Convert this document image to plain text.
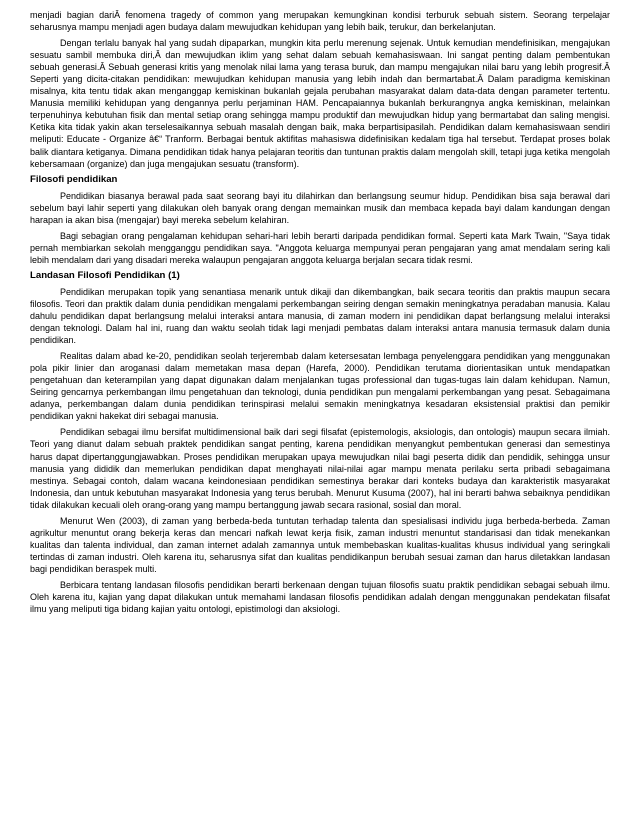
menjadi bagian dariÂ fenomena tragedy of common yang merupakan kemungkinan kondisi terburuk sebuah sistem. Seorang terpelajar seharusnya mampu menjadi agen budaya dalam mewujudkan kehidupan yang lebih baik, terukur, dan berkelanjutan.

Dengan terlalu banyak hal yang sudah dipaparkan, mungkin kita perlu merenung sejenak. Untuk kemudian mendefinisikan, mengajukan sesuatu sambil membuka diri,Â dan mewujudkan iklim yang sehat dalam sebuah kemahasiswaan. Ini sangat penting dalam pembentukan sebuah generasi.Â Sebuah generasi kritis yang menolak nilai lama yang terasa buruk, dan mampu mengajukan nilai baru yang lebih progresif.Â Seperti yang dicita-citakan pendidikan: mewujudkan kehidupan manusia yang lebih indah dan bermartabat.Â Dalam paradigma kemiskinan misalnya, kita tentu tidak akan menganggap kemiskinan bukanlah gejala perubahan masyarakat dalam data-data dengan parameter tertentu. Manusia memiliki kehidupan yang dengannya perlu perjaminan HAM. Pencapaiannya bukanlah berkurangnya angka kemiskinan, melainkan terpenuhinya kebutuhan fisik dan mental setiap orang sehingga mampu produktif dan mewujudkan hidup yang bermartabat dan saling mengisi. Ketika kita tidak yakin akan terselesaikannya sebuah masalah dengan baik, maka berpartisipasilah. Pendidikan dalam kemahasiswaan sendiri meliputi: Educate - Organize â€“ Tranform. Berbagai bentuk aktifitas mahasiswa didefinisikan kedalam tiga hal tersebut. Terdapat proses bolak balik diantara ketiganya. Dimana pendidikan tidak hanya pelajaran teoritis dan tuntunan praktis dalam mengolah skill, tetapi juga ketika mengolah kebersamaan (organize) dan juga mengajukan sesuatu (transform).

Filosofi pendidikan

Pendidikan biasanya berawal pada saat seorang bayi itu dilahirkan dan berlangsung seumur hidup. Pendidikan bisa saja berawal dari sebelum bayi lahir seperti yang dilakukan oleh banyak orang dengan memainkan musik dan membaca kepada bayi dalam kandungan dengan harapan ia akan bisa (mengajar) bayi mereka sebelum kelahiran.

Bagi sebagian orang pengalaman kehidupan sehari-hari lebih berarti daripada pendidikan formal. Seperti kata Mark Twain, "Saya tidak pernah membiarkan sekolah mengganggu pendidikan saya. "Anggota keluarga mempunyai peran pengajaran yang amat mendalam sering kali lebih mendalam dari yang disadari mereka walaupun pengajaran anggota keluarga berjalan secara tidak resmi.

Landasan Filosofi Pendidikan (1)

Pendidikan merupakan topik yang senantiasa menarik untuk dikaji dan dikembangkan, baik secara teoritis dan praktis maupun secara filosofis. Teori dan praktik dalam dunia pendidikan mengalami perkembangan seiring dengan semakin meningkatnya peradaban manusia. Kalau dahulu pendidikan dapat berlangsung melalui interaksi antara manusia, di zaman modern ini pendidikan dapat berlangsung melalui interaksi dengan teknologi. Dalam hal ini, ruang dan waktu seolah tidak lagi menjadi pembatas dalam interaksi antara manusia termasuk dalam dunia pendidikan.

Realitas dalam abad ke-20, pendidikan seolah terjerembab dalam ketersesatan lembaga penyelenggara pendidikan yang menggunakan pola pikir linier dan aroganasi dalam memetakan masa depan (Harefa, 2000). Pendidikan terutama diorientasikan untuk mendapatkan pengetahuan dan keterampilan yang dapat digunakan dalam menjalankan tugas professional dan tugas-tugas lain dalam kehidupan. Namun, Seiring gencarnya perkembangan ilmu pengetahuan dan teknologi, dunia pendidikan pun mengalami perkembangan yang pesat. Sebagaimana adanya, perkembangan dalam dunia pendidikan terinspirasi melalui semakin meningkatnya kesadaran eksistensial praktisi dan pemikir pendidikan yakni hakekat diri sebagai manusia.

Pendidikan sebagai ilmu bersifat multidimensional baik dari segi filsafat (epistemologis, aksiologis, dan ontologis) maupun secara ilmiah. Teori yang dianut dalam sebuah praktek pendidikan sangat penting, karena pendidikan menyangkut pembentukan generasi dan semestinya harus dapat dipertanggungjawabkan. Proses pendidikan merupakan upaya mewujudkan nilai bagi peserta didik dan pendidik, sehingga unsur manusia yang dididik dan memerlukan pendidikan dapat menghayati nilai-nilai agar mampu menata perilaku serta pribadi sebagaimana mestinya. Sebagai contoh, dalam wacana keindonesiaan pendidikan semestinya berakar dari konteks budaya dan karakteristik masyarakat Indonesia, dan untuk kebutuhan masyarakat Indonesia yang terus berubah. Menurut Kusuma (2007), hal ini berarti bahwa sebaiknya pendidikan tidak dilakukan kecuali oleh orang-orang yang mampu bertanggung jawab secara rasional, sosial dan moral.

Menurut Wen (2003), di zaman yang berbeda-beda tuntutan terhadap talenta dan spesialisasi individu juga berbeda-berbeda. Zaman agrikultur menuntut orang bekerja keras dan mencari nafkah lewat kerja fisik, zaman industri menuntut standarisasi dan tidak menekankan kualitas dan talenta individual, dan zaman internet adalah zamannya untuk membebaskan kualitas-kualitas khusus individual yang seringkali tertindas di zaman industri. Oleh karena itu, seharusnya sifat dan kualitas pendidikanpun berubah sesuai zaman dan harus diletakkan landasan bagi pendidikan beraspek multi.

Berbicara tentang landasan filosofis pendidikan berarti berkenaan dengan tujuan filosofis suatu praktik pendidikan sebagai sebuah ilmu. Oleh karena itu, kajian yang dapat dilakukan untuk memahami landasan filosofis pendidikan adalah dengan menggunakan pendekatan filsafat ilmu yang meliputi tiga bidang kajian yaitu ontologi, epistimologi dan aksiologi.
